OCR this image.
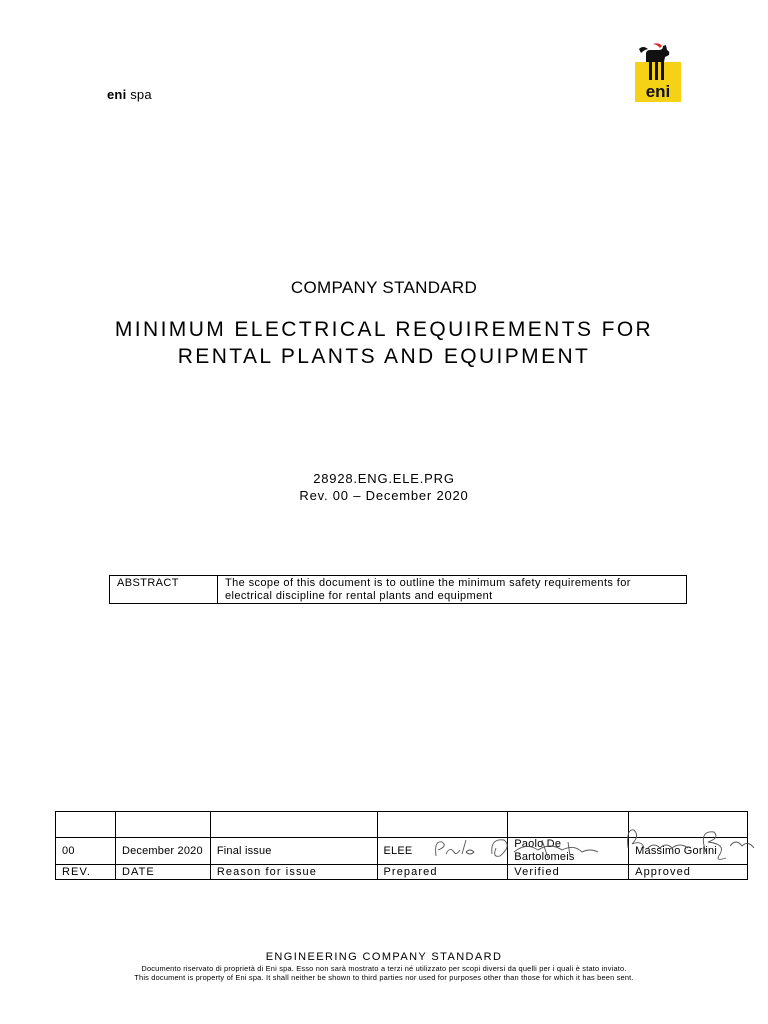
eni spa	eni
COMPANY STANDARD
MINIMUM ELECTRICAL REQUIREMENTS FOR
RENTAL PLANTS AND EQUIPMENT
28928.ENG.ELE.PRG
Rev. 00 – December 2020
ABSTRACT	The scope of this document is to outline the minimum safety requirements for electrical discipline for rental plants and equipment

00	December 2020	Final issue	ELEE	Paolo De Bartolomeis	Massimo Gorlini
REV.	DATE	Reason for issue	Prepared	Verified	Approved
ENGINEERING COMPANY STANDARD
Documento riservato di proprietà di Eni spa. Esso non sarà mostrato a terzi né utilizzato per scopi diversi da quelli per i quali è stato inviato.
This document is property of Eni spa. It shall neither be shown to third parties nor used for purposes other than those for which it has been sent.
